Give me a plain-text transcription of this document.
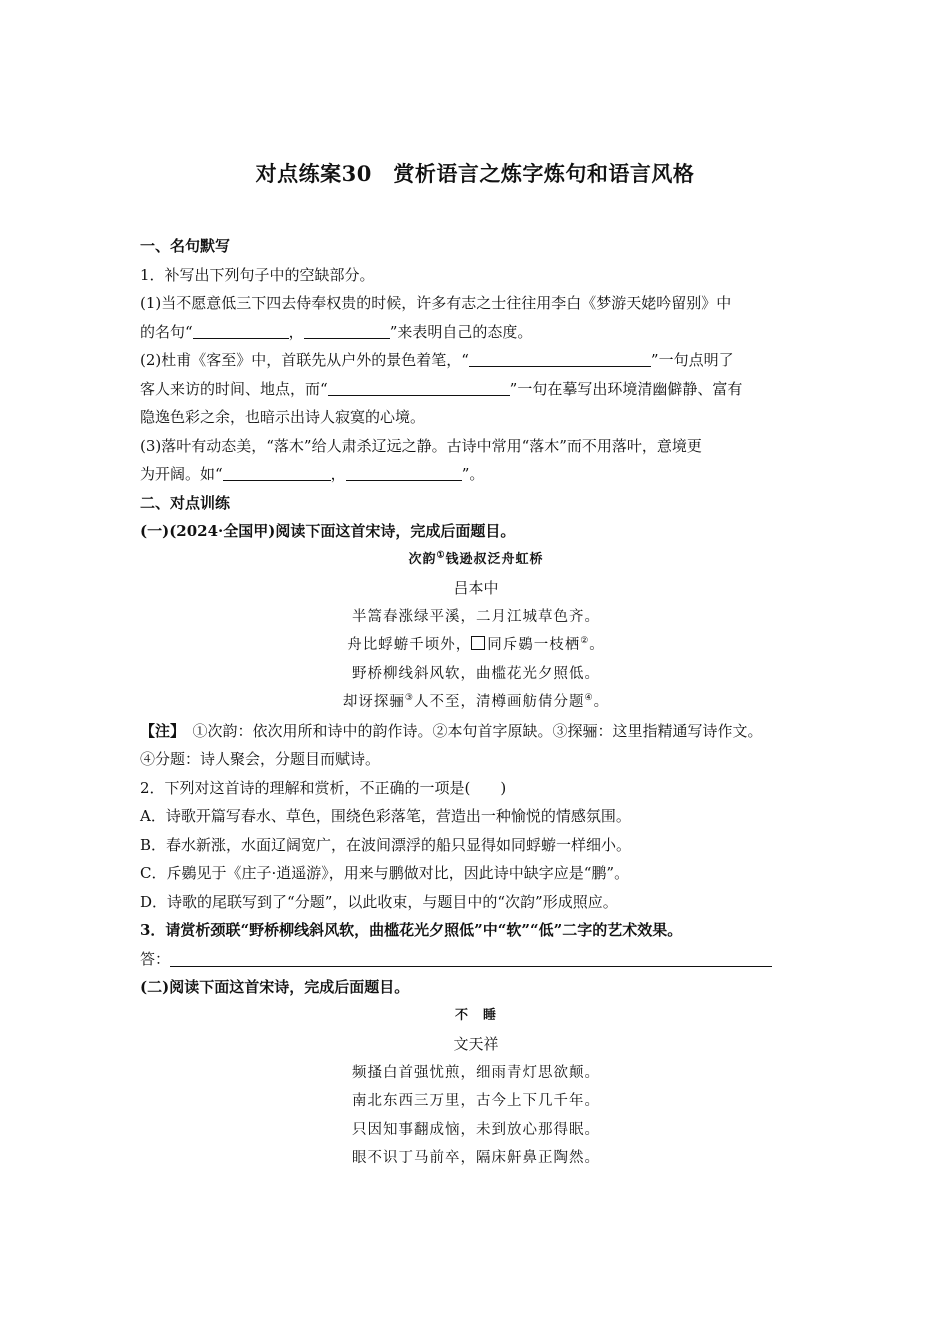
对点练案30　赏析语言之炼字炼句和语言风格

一、名句默写

1．补写出下列句子中的空缺部分。

(1)当不愿意低三下四去侍奉权贵的时候，许多有志之士往往用李白《梦游天姥吟留别》中

的名句“	，	”来表明自己的态度。

(2)杜甫《客至》中，首联先从户外的景色着笔，“	”一句点明了

客人来访的时间、地点，而“	”一句在摹写出环境清幽僻静、富有

隐逸色彩之余，也暗示出诗人寂寞的心境。

(3)落叶有动态美，“落木”给人肃杀辽远之静。古诗中常用“落木”而不用落叶，意境更

为开阔。如“	，	”。

二、对点训练

(一)(2024·全国甲)阅读下面这首宋诗，完成后面题目。

次韵①钱逊叔泛舟虹桥

吕本中

半篙春涨绿平溪，二月江城草色齐。

舟比蜉蝣千顷外， 同斥鷃一枝栖②。

野桥柳线斜风软，曲槛花光夕照低。

却讶探骊③人不至，清樽画舫倩分题④。

【注】　①次韵：依次用所和诗中的韵作诗。②本句首字原缺。③探骊：这里指精通写诗作文。

④分题：诗人聚会，分题目而赋诗。

2．下列对这首诗的理解和赏析，不正确的一项是(　　)

A．诗歌开篇写春水、草色，围绕色彩落笔，营造出一种愉悦的情感氛围。

B．春水新涨，水面辽阔宽广，在波间漂浮的船只显得如同蜉蝣一样细小。

C．斥鷃见于《庄子·逍遥游》，用来与鹏做对比，因此诗中缺字应是“鹏”。

D．诗歌的尾联写到了“分题”，以此收束，与题目中的“次韵”形成照应。

3．请赏析颈联“野桥柳线斜风软，曲槛花光夕照低”中“软”“低”二字的艺术效果。

答：

(二)阅读下面这首宋诗，完成后面题目。

不　睡

文天祥

频搔白首强忧煎，细雨青灯思欲颠。

南北东西三万里，古今上下几千年。

只因知事翻成恼，未到放心那得眠。

眼不识丁马前卒，隔床鼾鼻正陶然。
